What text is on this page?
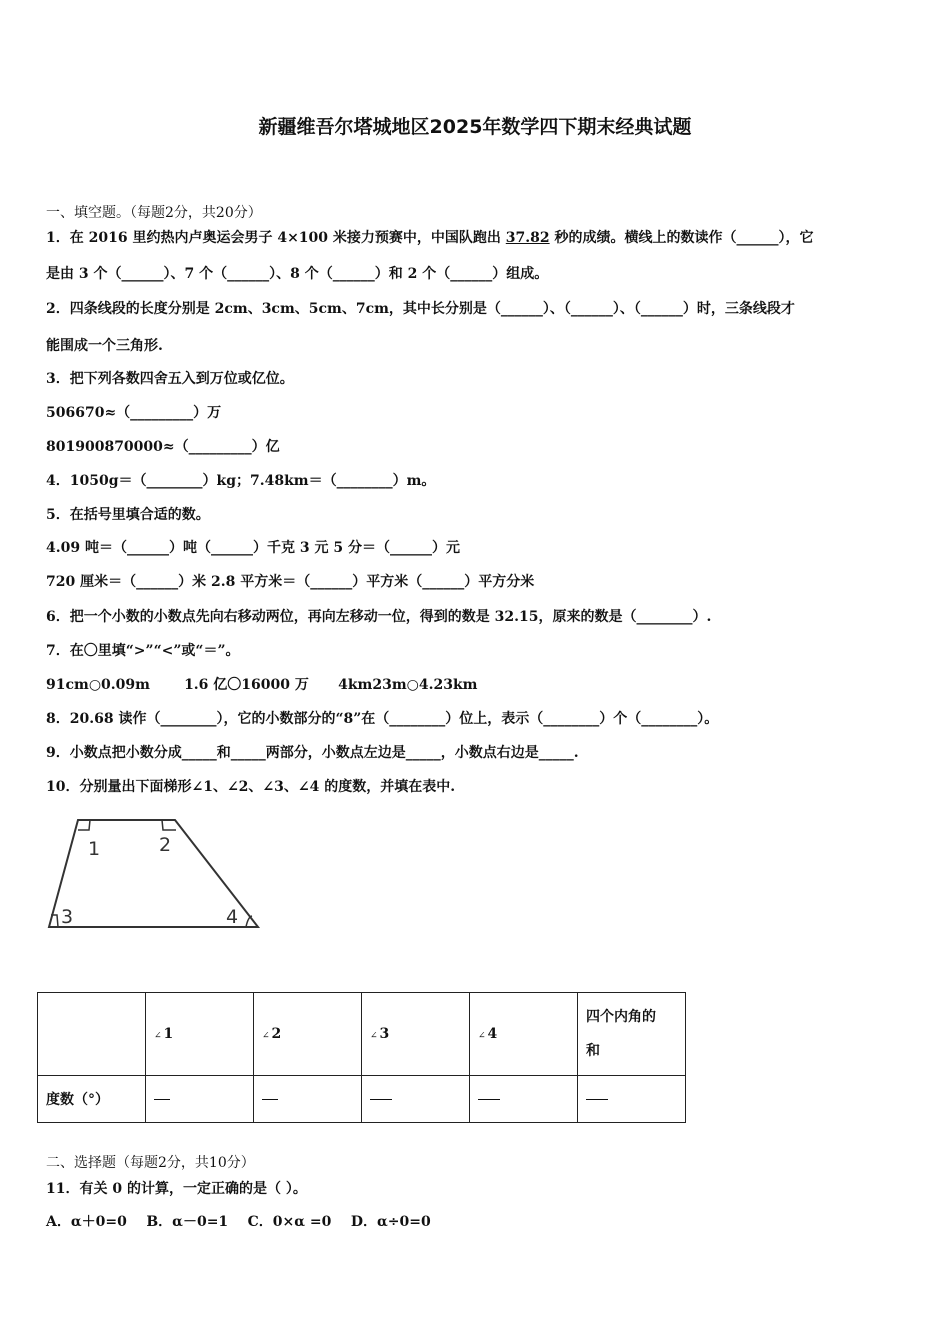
新疆维吾尔塔城地区2025年数学四下期末经典试题
一、填空题。（每题2分，共20分）
1．在 2016 里约热内卢奥运会男子 4×100 米接力预赛中，中国队跑出 37.82 秒的成绩。横线上的数读作（______），它
是由 3 个（______）、7 个（______）、8 个（______）和 2 个（______）组成。
2．四条线段的长度分别是 2cm、3cm、5cm、7cm，其中长分别是（______）、（______）、（______）时，三条线段才
能围成一个三角形.
3．把下列各数四舍五入到万位或亿位。
506670≈（_________）万
801900870000≈（_________）亿
4．1050g＝（________）kg；7.48km＝（________）m。
5．在括号里填合适的数。
4.09 吨＝（______）吨（______）千克 3 元 5 分＝（______）元
720 厘米＝（______）米 2.8 平方米＝（______）平方米（______）平方分米
6．把一个小数的小数点先向右移动两位，再向左移动一位，得到的数是 32.15，原来的数是（________）.
7．在〇里填“>”“<”或“＝”。
91cm○0.09m       1.6 亿〇16000 万      4km23m○4.23km
8．20.68 读作（________），它的小数部分的“8”在（________）位上，表示（________）个（________）。
9．小数点把小数分成_____和_____两部分，小数点左边是_____，小数点右边是_____.
10．分别量出下面梯形∠1、∠2、∠3、∠4 的度数，并填在表中.
1	2
3	4
	∠ 1	∠ 2	∠ 3	∠ 4	四个内角的
和

度数（°）					
二、选择题（每题2分，共10分）
11．有关 0 的计算，一定正确的是（ ）。
A．α＋0=0    B．α－0=1    C．0×α =0    D．α÷0=0
